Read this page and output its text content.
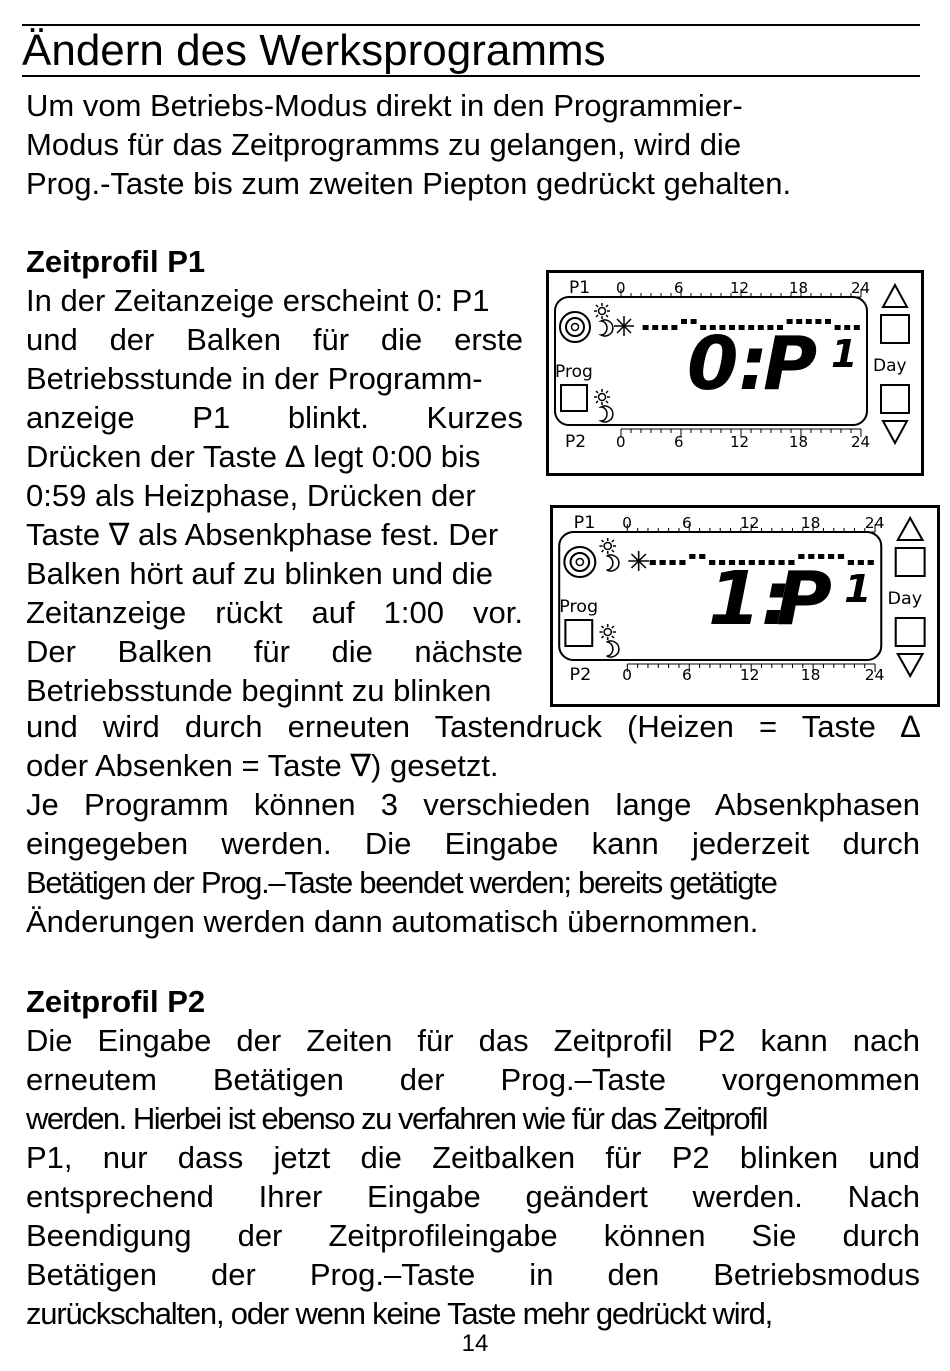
Ändern des Werksprogramms
Um vom Betriebs-Modus direkt in den Programmier-
Modus für das Zeitprogramms zu gelangen, wird die
Prog.-Taste bis zum zweiten Piepton gedrückt gehalten.
Zeitprofil P1
In der Zeitanzeige erscheint 0: P1
und der Balken für die erste
Betriebsstunde in der Programm-
anzeige P1 blinkt. Kurzes
Drücken der Taste ∆ legt 0:00 bis
0:59 als Heizphase, Drücken der
Taste ∇ als Absenkphase fest. Der
Balken hört auf zu blinken und die
Zeitanzeige rückt auf 1:00 vor.
Der Balken für die nächste
Betriebsstunde beginnt zu blinken
P1 0	6	12	18	24
0:
P 1
Prog
P2 0	6	12	18	24
Day
P1 0	6	12	18	24
1:
P 1
Prog
P2 0	6	12	18	24
Day
und wird durch erneuten Tastendruck (Heizen = Taste ∆
oder Absenken = Taste ∇) gesetzt.
Je Programm können 3 verschieden lange Absenkphasen
eingegeben werden. Die Eingabe kann jederzeit durch
Betätigen der Prog.–Taste beendet werden; bereits getätigte
Änderungen werden dann automatisch übernommen.
Zeitprofil P2
Die Eingabe der Zeiten für das Zeitprofil P2 kann nach
erneutem Betätigen der Prog.–Taste vorgenommen
werden. Hierbei ist ebenso zu verfahren wie für das Zeitprofil
P1, nur dass jetzt die Zeitbalken für P2 blinken und
entsprechend Ihrer Eingabe geändert werden. Nach
Beendigung der Zeitprofileingabe können Sie durch
Betätigen der Prog.–Taste in den Betriebsmodus
zurückschalten, oder wenn keine Taste mehr gedrückt wird,
14
